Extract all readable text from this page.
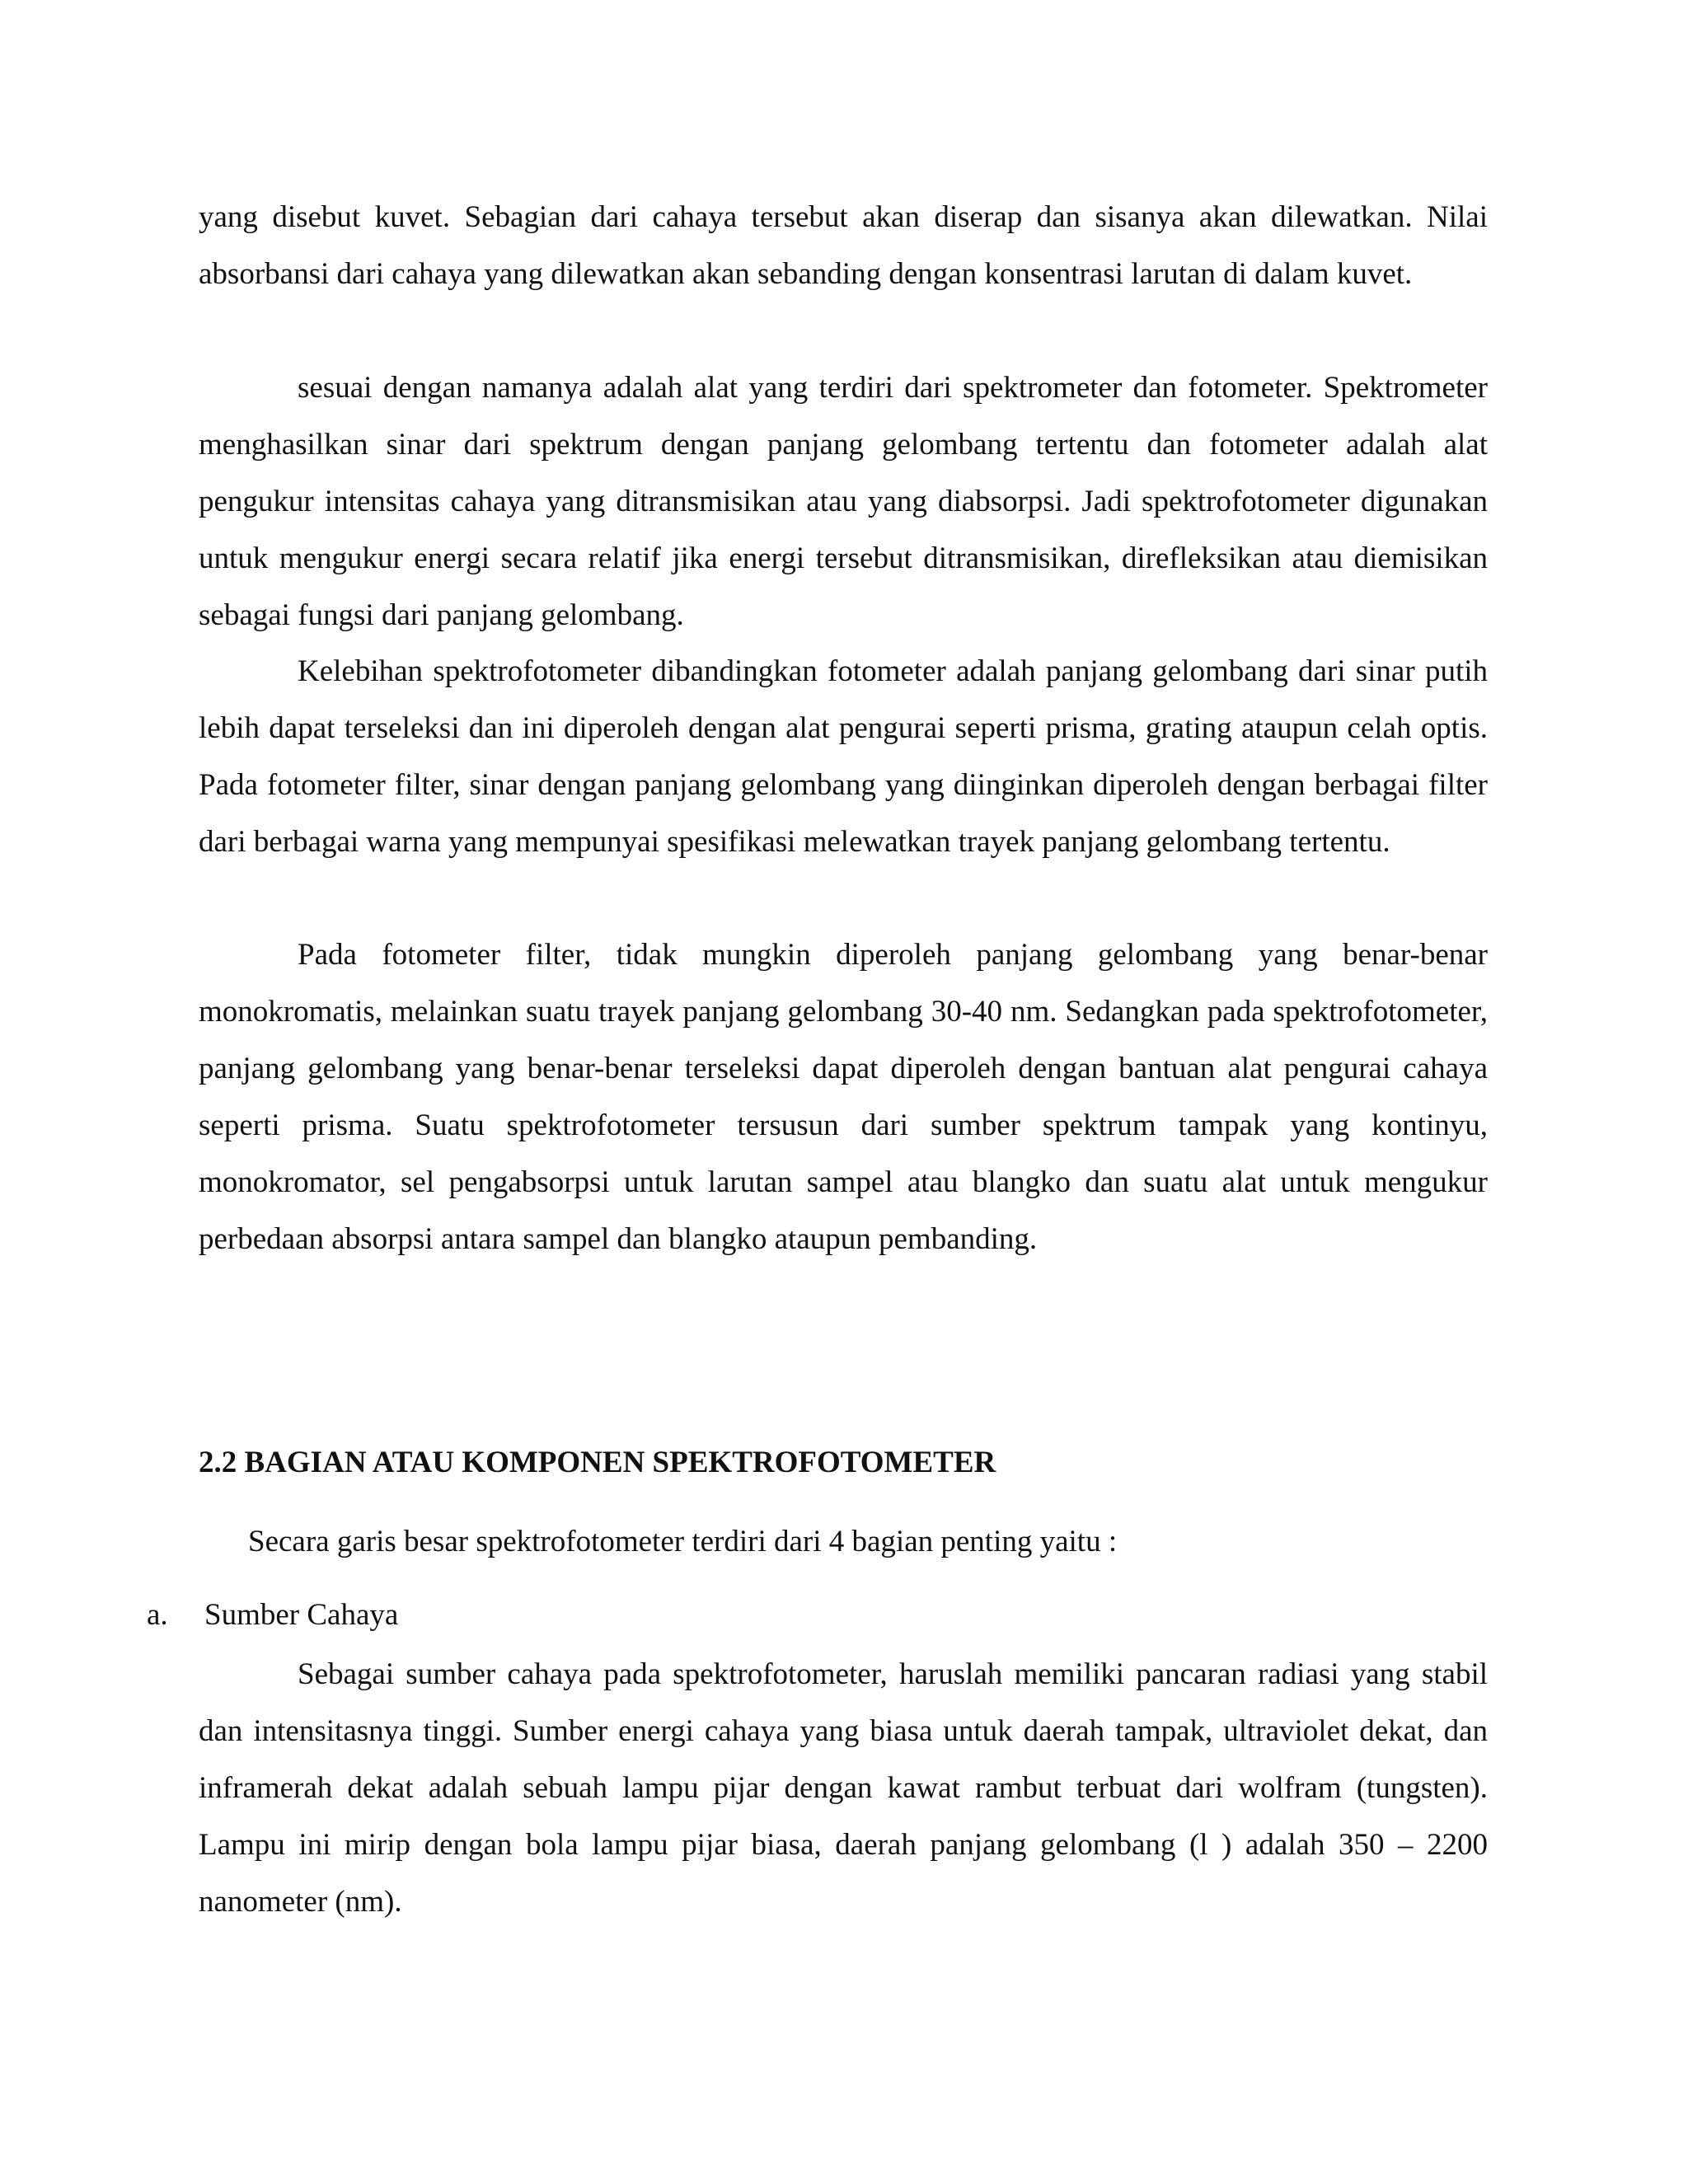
yang disebut kuvet. Sebagian dari cahaya tersebut akan diserap dan sisanya akan dilewatkan. Nilai absorbansi dari cahaya yang dilewatkan akan sebanding dengan konsentrasi larutan di dalam kuvet.

sesuai dengan namanya adalah alat yang terdiri dari spektrometer dan fotometer. Spektrometer menghasilkan sinar dari spektrum dengan panjang gelombang tertentu dan fotometer adalah alat pengukur intensitas cahaya yang ditransmisikan atau yang diabsorpsi. Jadi spektrofotometer digunakan untuk mengukur energi secara relatif jika energi tersebut ditransmisikan, direfleksikan atau diemisikan sebagai fungsi dari panjang gelombang.

Kelebihan spektrofotometer dibandingkan fotometer adalah panjang gelombang dari sinar putih lebih dapat terseleksi dan ini diperoleh dengan alat pengurai seperti prisma, grating ataupun celah optis. Pada fotometer filter, sinar dengan panjang gelombang yang diinginkan diperoleh dengan berbagai filter dari berbagai warna yang mempunyai spesifikasi melewatkan trayek panjang gelombang tertentu.

Pada fotometer filter, tidak mungkin diperoleh panjang gelombang yang benar-benar monokromatis, melainkan suatu trayek panjang gelombang 30-40 nm. Sedangkan pada spektrofotometer, panjang gelombang yang benar-benar terseleksi dapat diperoleh dengan bantuan alat pengurai cahaya seperti prisma. Suatu spektrofotometer tersusun dari sumber spektrum tampak yang kontinyu, monokromator, sel pengabsorpsi untuk larutan sampel atau blangko dan suatu alat untuk mengukur perbedaan absorpsi antara sampel dan blangko ataupun pembanding.

2.2 BAGIAN ATAU KOMPONEN SPEKTROFOTOMETER

Secara garis besar spektrofotometer terdiri dari 4 bagian penting yaitu :

a. Sumber Cahaya

Sebagai sumber cahaya pada spektrofotometer, haruslah memiliki pancaran radiasi yang stabil dan intensitasnya tinggi. Sumber energi cahaya yang biasa untuk daerah tampak, ultraviolet dekat, dan inframerah dekat adalah sebuah lampu pijar dengan kawat rambut terbuat dari wolfram (tungsten). Lampu ini mirip dengan bola lampu pijar biasa, daerah panjang gelombang (l ) adalah 350 – 2200 nanometer (nm).
